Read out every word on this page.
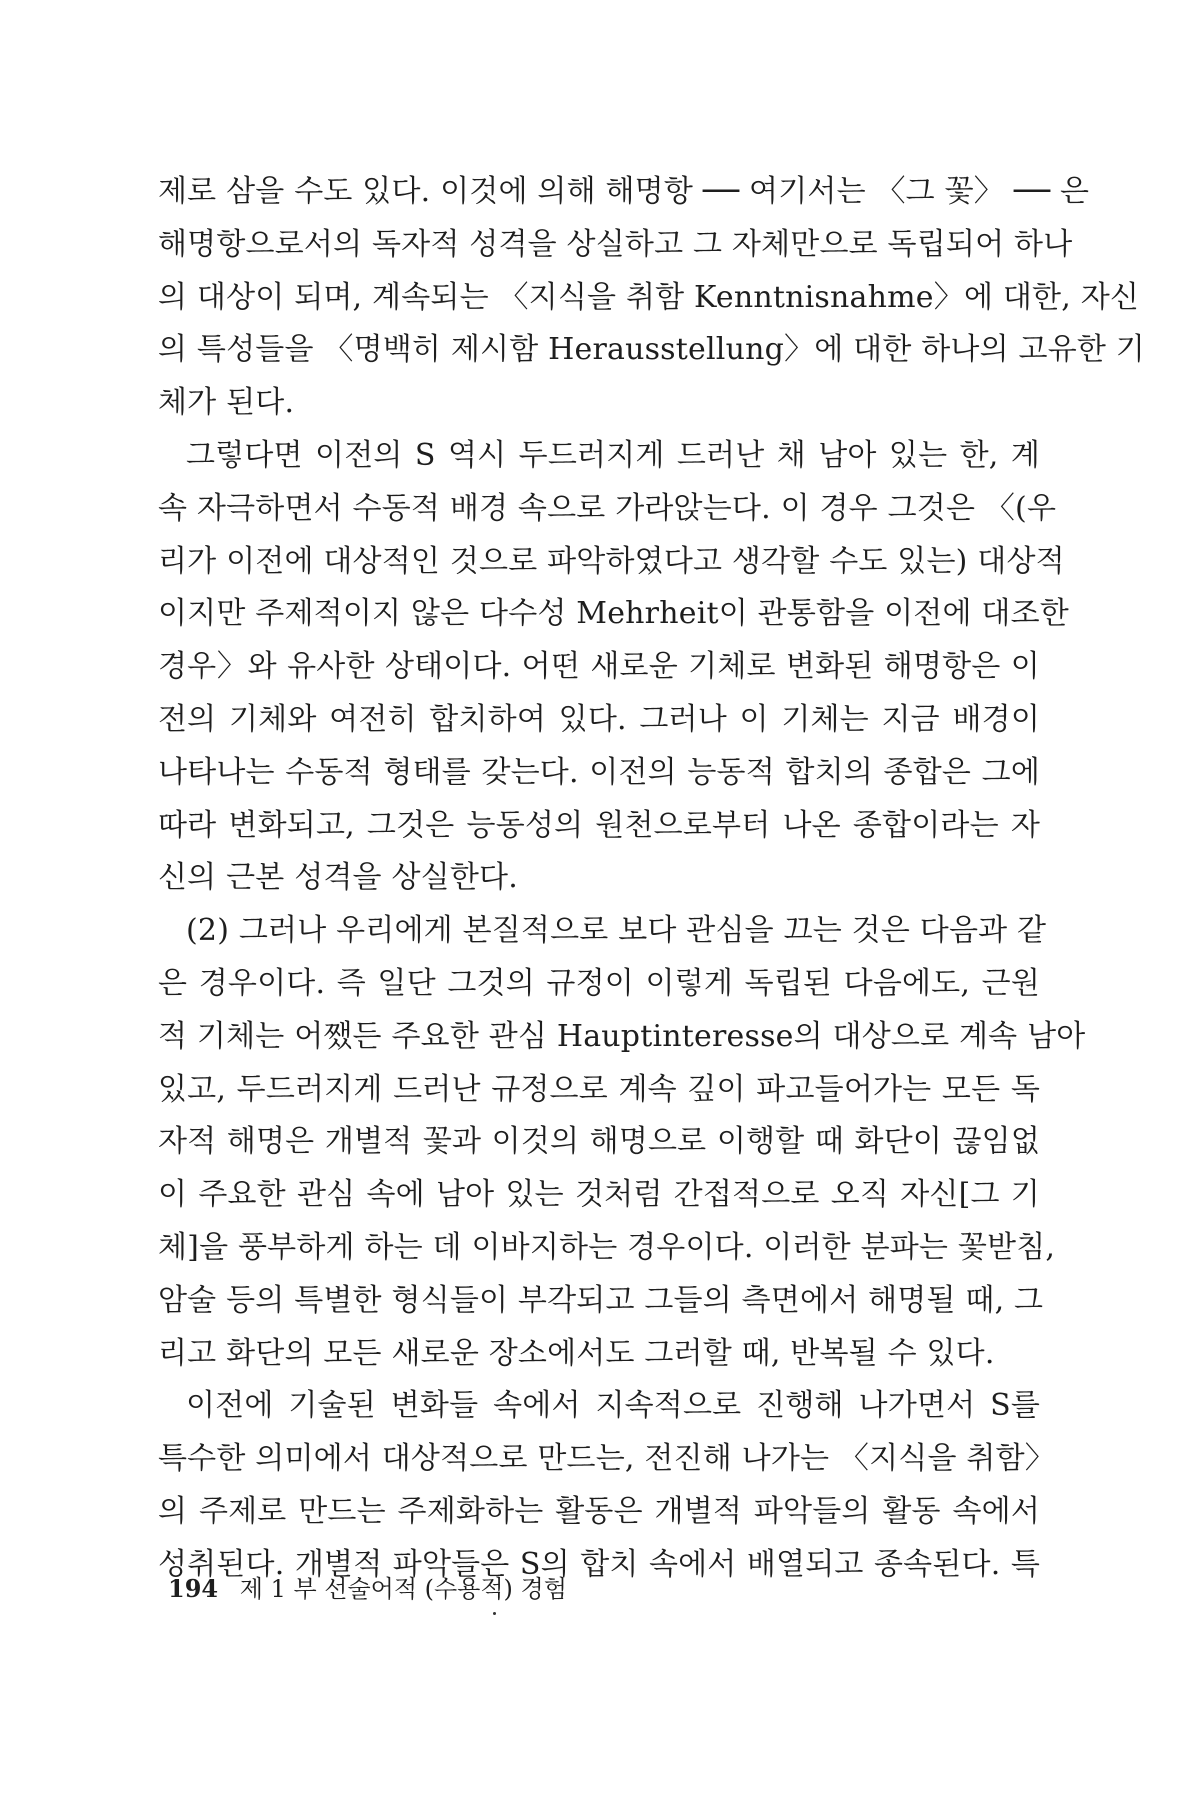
제로 삼을 수도 있다. 이것에 의해 해명항 ── 여기서는 〈그 꽃〉 ── 은
해명항으로서의 독자적 성격을 상실하고 그 자체만으로 독립되어 하나
의 대상이 되며, 계속되는 〈지식을 취함 Kenntnisnahme〉에 대한, 자신
의 특성들을 〈명백히 제시함 Herausstellung〉에 대한 하나의 고유한 기
체가 된다.
그렇다면 이전의 S 역시 두드러지게 드러난 채 남아 있는 한, 계
속 자극하면서 수동적 배경 속으로 가라앉는다. 이 경우 그것은 〈(우
리가 이전에 대상적인 것으로 파악하였다고 생각할 수도 있는) 대상적
이지만 주제적이지 않은 다수성 Mehrheit이 관통함을 이전에 대조한
경우〉와 유사한 상태이다. 어떤 새로운 기체로 변화된 해명항은 이
전의 기체와 여전히 합치하여 있다. 그러나 이 기체는 지금 배경이
나타나는 수동적 형태를 갖는다. 이전의 능동적 합치의 종합은 그에
따라 변화되고, 그것은 능동성의 원천으로부터 나온 종합이라는 자
신의 근본 성격을 상실한다.
(2) 그러나 우리에게 본질적으로 보다 관심을 끄는 것은 다음과 같
은 경우이다. 즉 일단 그것의 규정이 이렇게 독립된 다음에도, 근원
적 기체는 어쨌든 주요한 관심 Hauptinteresse의 대상으로 계속 남아
있고, 두드러지게 드러난 규정으로 계속 깊이 파고들어가는 모든 독
자적 해명은 개별적 꽃과 이것의 해명으로 이행할 때 화단이 끊임없
이 주요한 관심 속에 남아 있는 것처럼 간접적으로 오직 자신[그 기
체]을 풍부하게 하는 데 이바지하는 경우이다. 이러한 분파는 꽃받침,
암술 등의 특별한 형식들이 부각되고 그들의 측면에서 해명될 때, 그
리고 화단의 모든 새로운 장소에서도 그러할 때, 반복될 수 있다.
이전에 기술된 변화들 속에서 지속적으로 진행해 나가면서 S를
특수한 의미에서 대상적으로 만드는, 전진해 나가는 〈지식을 취함〉
의 주제로 만드는 주제화하는 활동은 개별적 파악들의 활동 속에서
성취된다. 개별적 파악들은 S의 합치 속에서 배열되고 종속된다. 특
194 제 1 부 선술어적 (수용적) 경험
